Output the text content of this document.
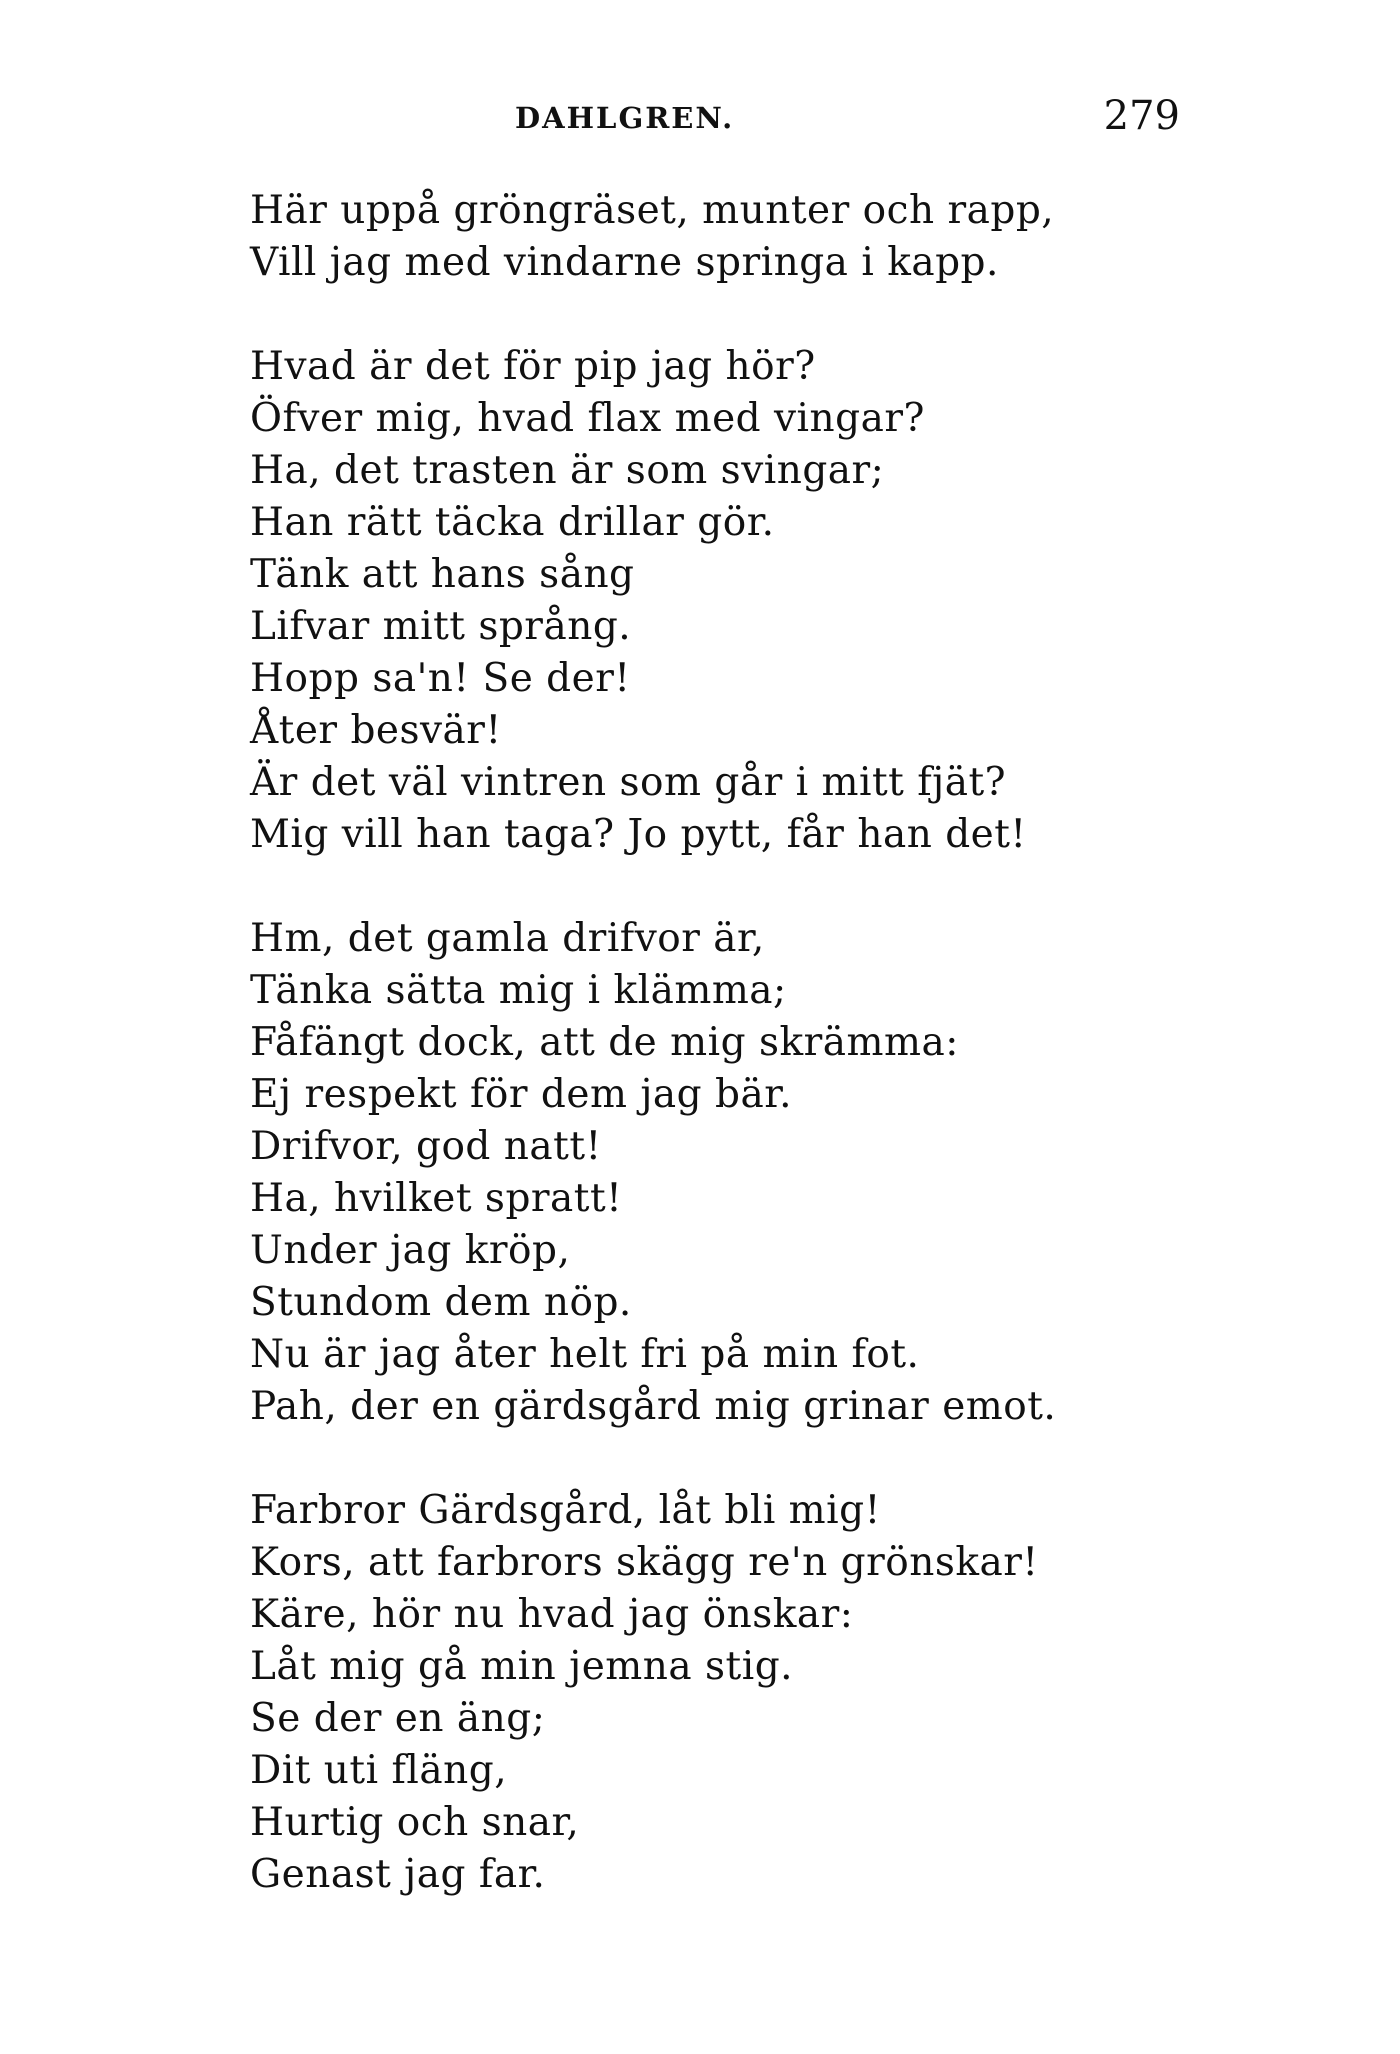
DAHLGREN.	279
Här uppå gröngräset, munter och rapp,
Vill jag med vindarne springa i kapp.
Hvad är det för pip jag hör?
Öfver mig, hvad flax med vingar?
Ha, det trasten är som svingar;
Han rätt täcka drillar gör.
Tänk att hans sång
Lifvar mitt språng.
Hopp sa'n! Se der!
Åter besvär!
Är det väl vintren som går i mitt fjät?
Mig vill han taga? Jo pytt, får han det!
Hm, det gamla drifvor är,
Tänka sätta mig i klämma;
Fåfängt dock, att de mig skrämma:
Ej respekt för dem jag bär.
Drifvor, god natt!
Ha, hvilket spratt!
Under jag kröp,
Stundom dem nöp.
Nu är jag åter helt fri på min fot.
Pah, der en gärdsgård mig grinar emot.
Farbror Gärdsgård, låt bli mig!
Kors, att farbrors skägg re'n grönskar!
Käre, hör nu hvad jag önskar:
Låt mig gå min jemna stig.
Se der en äng;
Dit uti fläng,
Hurtig och snar,
Genast jag far.
